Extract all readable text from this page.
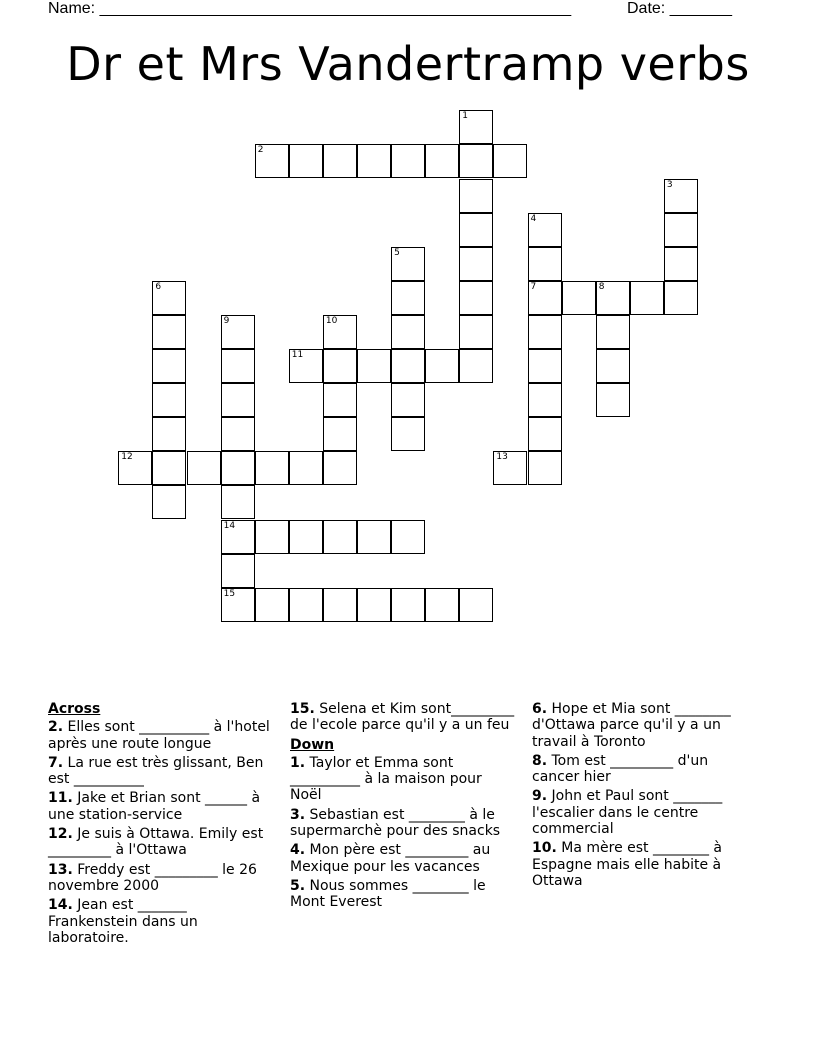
Name: _____________________________________________________	Date: _______
Dr et Mrs Vandertramp verbs
1
2
3
4
5
6	7	8
9	10
11
12	13
14
15
Across
2. Elles sont __________ à l'hotel après une route longue
7. La rue est très glissant, Ben est __________
11. Jake et Brian sont ______ à une station-service
12. Je suis à Ottawa. Emily est _________ à l'Ottawa
13. Freddy est _________ le 26 novembre 2000
14. Jean est _______ Frankenstein dans un laboratoire.
15. Selena et Kim sont_________ de l'ecole parce qu'il y a un feu
Down
1. Taylor et Emma sont __________ à la maison pour Noël
3. Sebastian est ________ à le supermarchè pour des snacks
4. Mon père est _________ au Mexique pour les vacances
5. Nous sommes ________ le Mont Everest
6. Hope et Mia sont ________ d'Ottawa parce qu'il y a un travail à Toronto
8. Tom est _________ d'un cancer hier
9. John et Paul sont _______ l'escalier dans le centre commercial
10. Ma mère est ________ à Espagne mais elle habite à Ottawa
